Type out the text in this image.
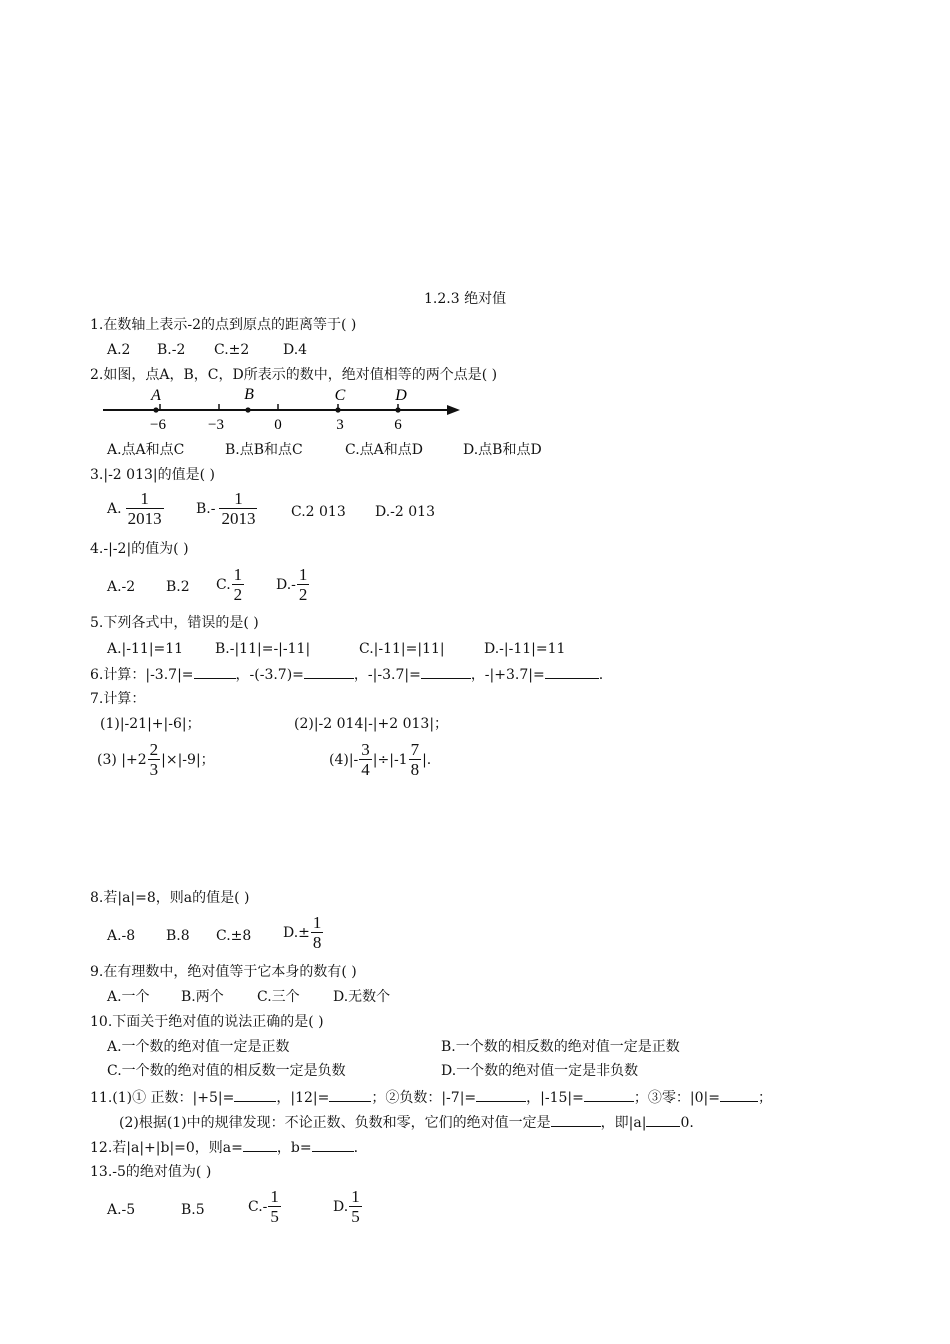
1.2.3 绝对值
1.在数轴上表示-2的点到原点的距离等于( )
A.2 B.-2 C.±2 D.4
2.如图，点A，B，C，D所表示的数中，绝对值相等的两个点是( )
A	B	C	D
−6	−3	0	3	6
A.点A和点C	B.点B和点C	C.点A和点D	D.点B和点D
3.|-2 013|的值是( )
A. $\frac{1}{2013} B.- \frac{1}{2013} C.2$ 013 D.-2 013
4.-|-2|的值为( )
A.-2 B.2 C. $\frac{1}{2} D.- \frac{1}{2}$
5.下列各式中，错误的是( )
A.|-11|=11 B.-|11|=-|-11|	C.|-11|=|11|	D.-|-11|=11
6.计算：|-3.7|=	，-(-3.7)=	，-|-3.7|=	，-|+3.7|=	.
7.计算：
(1)|-21|+|-6|；	(2)|-2 014|-|+2 013|；
(3) $|+2 \frac{2}{3} |\times|-9|$；	$(4)|- \frac{3}{4} |\div|-1 \frac{7}{8}$ |.
8.若|a|=8，则a的值是( )
A.-8 B.8 C.±8 $D.\pm \frac{1}{8}$
9.在有理数中，绝对值等于它本身的数有( )
A.一个 B.两个 C.三个 D.无数个
10.下面关于绝对值的说法正确的是( )
A.一个数的绝对值一定是正数	B.一个数的相反数的绝对值一定是正数
C.一个数的绝对值的相反数一定是负数	D.一个数的绝对值一定是非负数
11.(1)① 正数：|+5|=	，|12|=	；②负数：|-7|=	，|-15|=	；③零：|0|=	；
(2)根据(1)中的规律发现：不论正数、负数和零，它们的绝对值一定是	，即|a| 0.
12.若|a|+|b|=0，则a= ，b=	.
13.-5的绝对值为( )
A.-5	B.5	$C.- \frac{1}{5}$	D. $\frac{1}{5}$
